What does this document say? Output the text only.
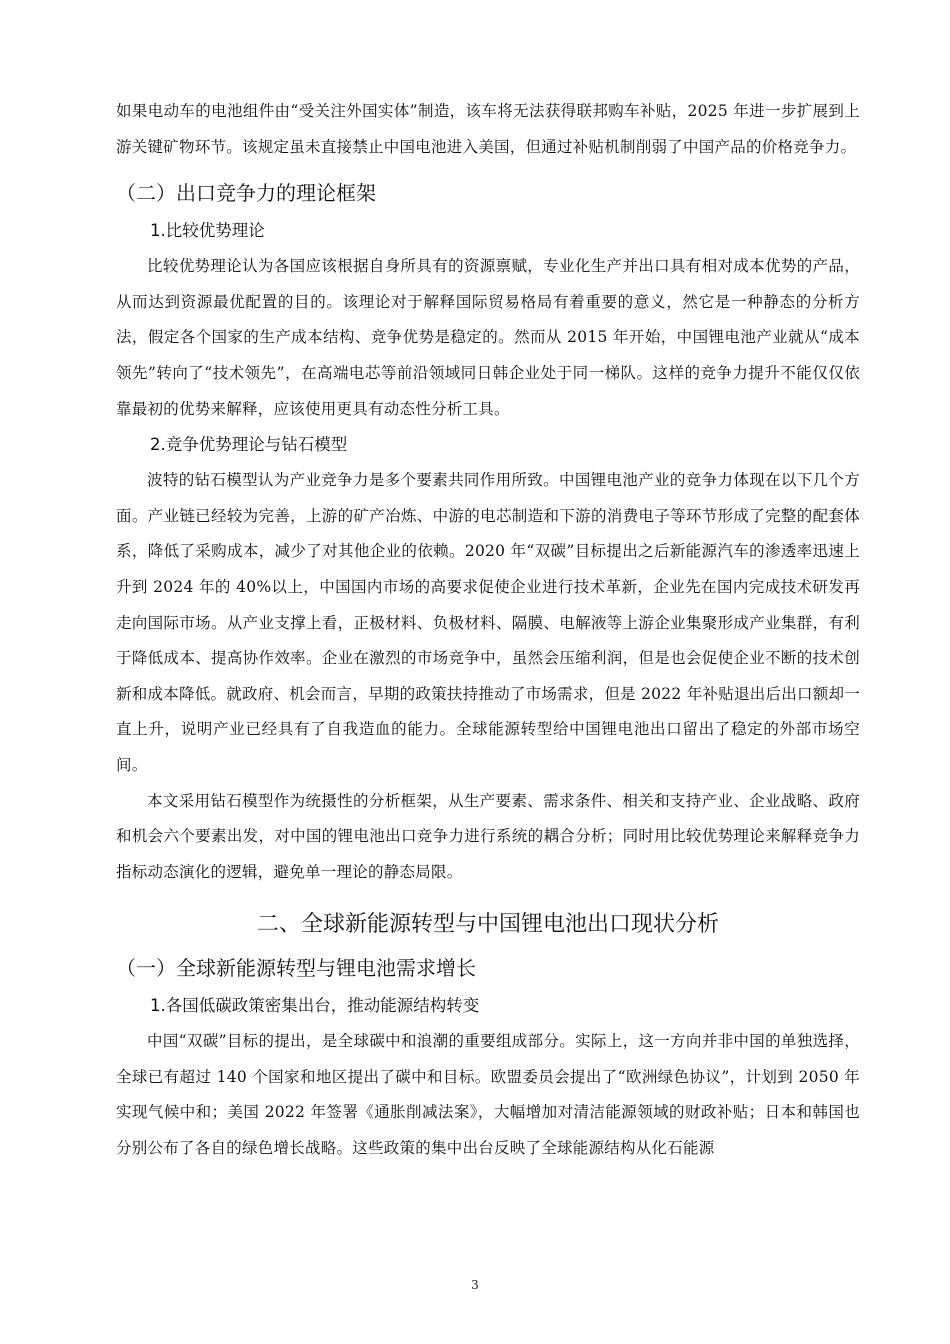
如果电动车的电池组件由“受关注外国实体”制造，该车将无法获得联邦购车补贴，2025 年进一步扩展到上游关键矿物环节。该规定虽未直接禁止中国电池进入美国，但通过补贴机制削弱了中国产品的价格竞争力。

（二）出口竞争力的理论框架
1.比较优势理论

比较优势理论认为各国应该根据自身所具有的资源禀赋，专业化生产并出口具有相对成本优势的产品，从而达到资源最优配置的目的。该理论对于解释国际贸易格局有着重要的意义，然它是一种静态的分析方法，假定各个国家的生产成本结构、竞争优势是稳定的。然而从 2015 年开始，中国锂电池产业就从“成本领先”转向了“技术领先”，在高端电芯等前沿领域同日韩企业处于同一梯队。这样的竞争力提升不能仅仅依靠最初的优势来解释，应该使用更具有动态性分析工具。

2.竞争优势理论与钻石模型

波特的钻石模型认为产业竞争力是多个要素共同作用所致。中国锂电池产业的竞争力体现在以下几个方面。产业链已经较为完善，上游的矿产冶炼、中游的电芯制造和下游的消费电子等环节形成了完整的配套体系，降低了采购成本，减少了对其他企业的依赖。2020 年“双碳”目标提出之后新能源汽车的渗透率迅速上升到 2024 年的 40%以上，中国国内市场的高要求促使企业进行技术革新，企业先在国内完成技术研发再走向国际市场。从产业支撑上看，正极材料、负极材料、隔膜、电解液等上游企业集聚形成产业集群，有利于降低成本、提高协作效率。企业在激烈的市场竞争中，虽然会压缩利润，但是也会促使企业不断的技术创新和成本降低。就政府、机会而言，早期的政策扶持推动了市场需求，但是 2022 年补贴退出后出口额却一直上升，说明产业已经具有了自我造血的能力。全球能源转型给中国锂电池出口留出了稳定的外部市场空间。

本文采用钻石模型作为统摄性的分析框架，从生产要素、需求条件、相关和支持产业、企业战略、政府和机会六个要素出发，对中国的锂电池出口竞争力进行系统的耦合分析；同时用比较优势理论来解释竞争力指标动态演化的逻辑，避免单一理论的静态局限。

二、全球新能源转型与中国锂电池出口现状分析
（一）全球新能源转型与锂电池需求增长
1.各国低碳政策密集出台，推动能源结构转变

中国“双碳”目标的提出，是全球碳中和浪潮的重要组成部分。实际上，这一方向并非中国的单独选择，全球已有超过 140 个国家和地区提出了碳中和目标。欧盟委员会提出了“欧洲绿色协议”，计划到 2050 年实现气候中和；美国 2022 年签署《通胀削减法案》，大幅增加对清洁能源领域的财政补贴；日本和韩国也分别公布了各自的绿色增长战略。这些政策的集中出台反映了全球能源结构从化石能源

3
